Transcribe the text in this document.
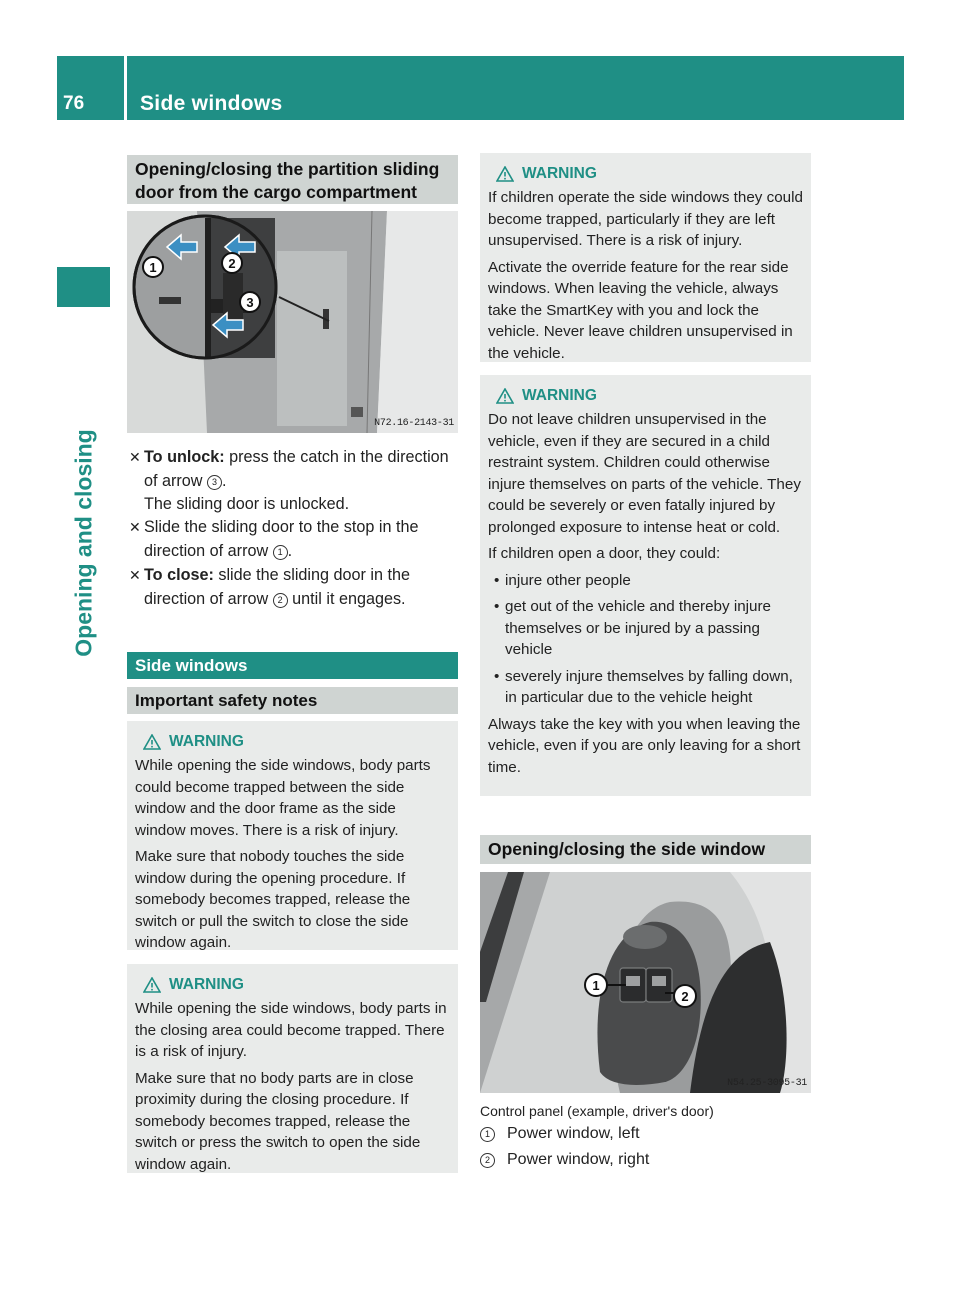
76	Side windows
Opening and closing
Opening/closing the partition sliding door from the cargo compartment
1	2
3
N72.16-2143-31
✕ To unlock: press the catch in the direction of arrow 3 .
The sliding door is unlocked.
✕ Slide the sliding door to the stop in the direction of arrow 1 .
✕ To close: slide the sliding door in the direction of arrow 2 until it engages.
Side windows
Important safety notes
WARNING

While opening the side windows, body parts could become trapped between the side window and the door frame as the side window moves. There is a risk of injury.

Make sure that nobody touches the side window during the opening procedure. If somebody becomes trapped, release the switch or pull the switch to close the side window again.

WARNING

While opening the side windows, body parts in the closing area could become trapped. There is a risk of injury.

Make sure that no body parts are in close proximity during the closing procedure. If somebody becomes trapped, release the switch or press the switch to open the side window again.

WARNING

If children operate the side windows they could become trapped, particularly if they are left unsupervised. There is a risk of injury.

Activate the override feature for the rear side windows. When leaving the vehicle, always take the SmartKey with you and lock the vehicle. Never leave children unsupervised in the vehicle.

WARNING

Do not leave children unsupervised in the vehicle, even if they are secured in a child restraint system. Children could otherwise injure themselves on parts of the vehicle. They could be severely or even fatally injured by prolonged exposure to intense heat or cold.

If children open a door, they could:

• injure other people
• get out of the vehicle and thereby injure themselves or be injured by a passing vehicle
• severely injure themselves by falling down, in particular due to the vehicle height

Always take the key with you when leaving the vehicle, even if you are only leaving for a short time.

Opening/closing the side window
1
2
N54.25-3095-31
Control panel (example, driver's door)
1 Power window, left
2 Power window, right
